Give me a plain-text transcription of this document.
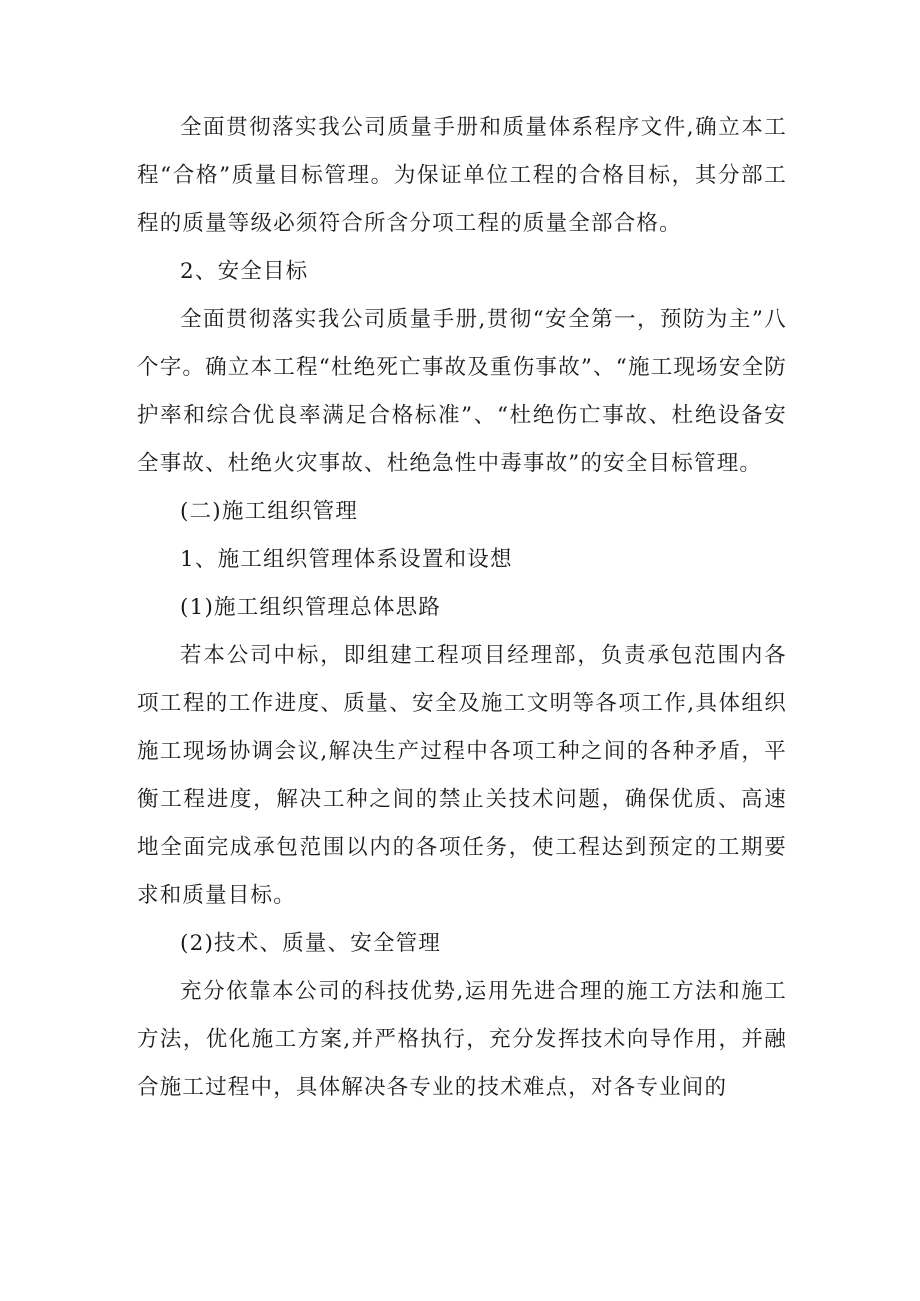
全面贯彻落实我公司质量手册和质量体系程序文件,确立本工程“合格”质量目标管理。为保证单位工程的合格目标，其分部工程的质量等级必须符合所含分项工程的质量全部合格。

2、安全目标

全面贯彻落实我公司质量手册,贯彻“安全第一，预防为主”八个字。确立本工程“杜绝死亡事故及重伤事故”、“施工现场安全防护率和综合优良率满足合格标准”、“杜绝伤亡事故、杜绝设备安全事故、杜绝火灾事故、杜绝急性中毒事故”的安全目标管理。

(二)施工组织管理

1、施工组织管理体系设置和设想

(1)施工组织管理总体思路

若本公司中标，即组建工程项目经理部，负责承包范围内各项工程的工作进度、质量、安全及施工文明等各项工作,具体组织施工现场协调会议,解决生产过程中各项工种之间的各种矛盾，平衡工程进度，解决工种之间的禁止关技术问题，确保优质、高速地全面完成承包范围以内的各项任务，使工程达到预定的工期要求和质量目标。

(2)技术、质量、安全管理

充分依靠本公司的科技优势,运用先进合理的施工方法和施工方法，优化施工方案,并严格执行，充分发挥技术向导作用，并融合施工过程中，具体解决各专业的技术难点，对各专业间的
